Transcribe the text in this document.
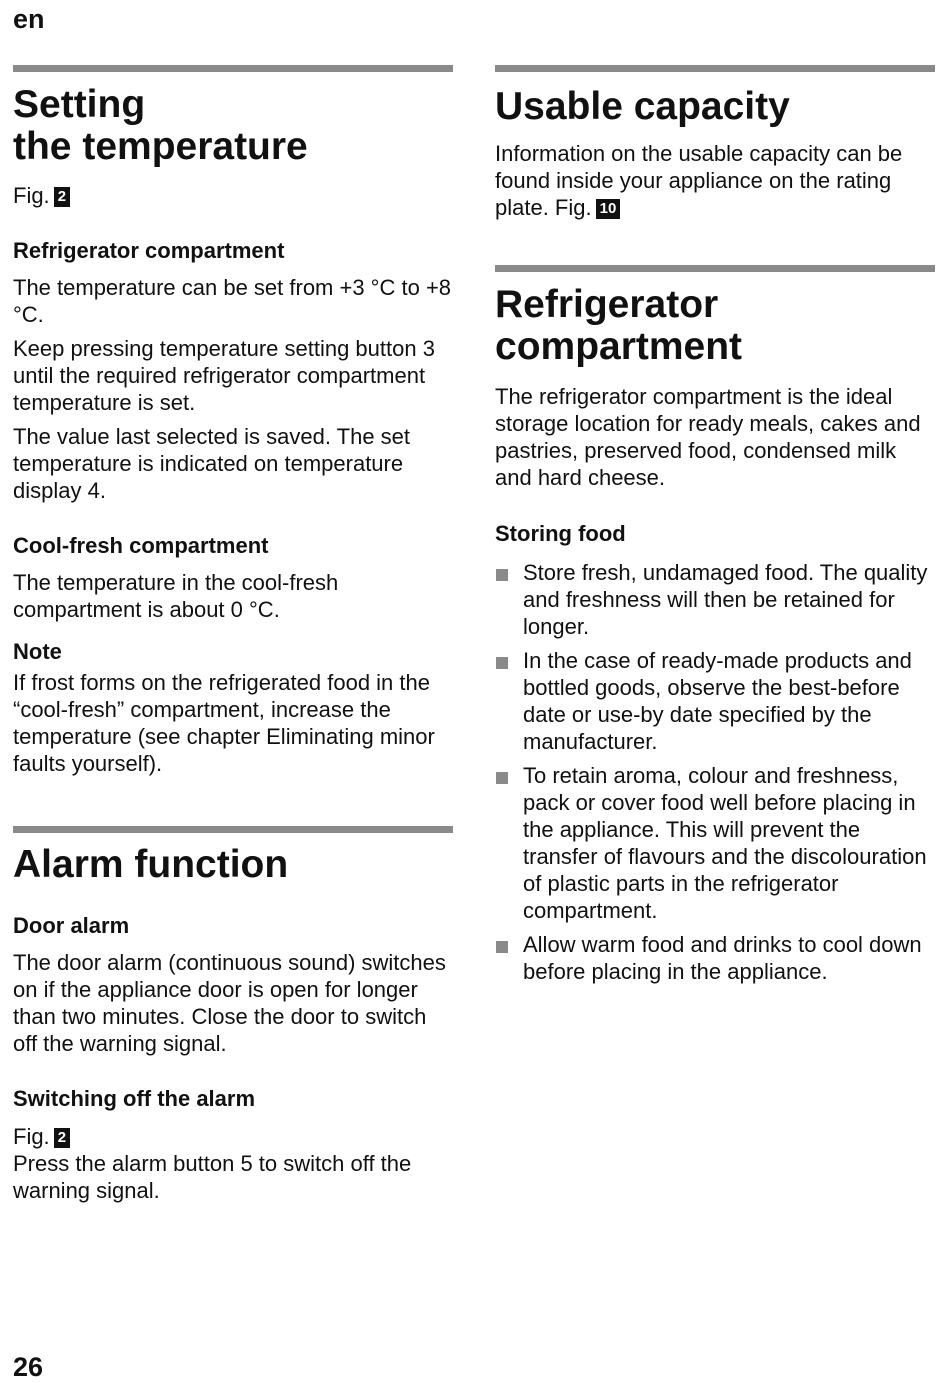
en
Setting
the temperature

Fig. 2

Refrigerator compartment

The temperature can be set from +3 °C to +8 °C.

Keep pressing temperature setting button 3 until the required refrigerator compartment temperature is set.

The value last selected is saved. The set temperature is indicated on temperature display 4.

Cool-fresh compartment

The temperature in the cool-fresh compartment is about 0 °C.

Note

If frost forms on the refrigerated food in the “cool-fresh” compartment, increase the temperature (see chapter Eliminating minor faults yourself).

Alarm function
Door alarm

The door alarm (continuous sound) switches on if the appliance door is open for longer than two minutes. Close the door to switch off the warning signal.

Switching off the alarm

Fig. 2

Press the alarm button 5 to switch off the warning signal.

Usable capacity

Information on the usable capacity can be found inside your appliance on the rating plate. Fig. 10

Refrigerator
compartment

The refrigerator compartment is the ideal storage location for ready meals, cakes and pastries, preserved food, condensed milk and hard cheese.

Storing food
Store fresh, undamaged food. The quality and freshness will then be retained for longer.
In the case of ready-made products and bottled goods, observe the best-before date or use-by date specified by the manufacturer.
To retain aroma, colour and freshness, pack or cover food well before placing in the appliance. This will prevent the transfer of flavours and the discolouration of plastic parts in the refrigerator compartment.
Allow warm food and drinks to cool down before placing in the appliance.
26
